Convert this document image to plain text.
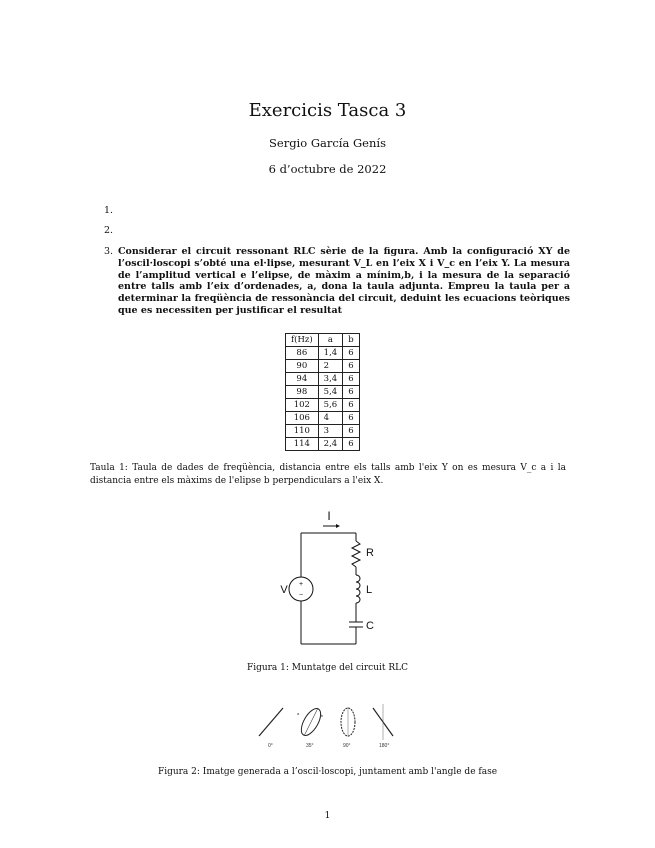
Exercicis Tasca 3
Sergio García Genís
6 d’octubre de 2022
1.
2.
3. Considerar el circuit ressonant RLC sèrie de la figura. Amb la configuració XY de l’oscil·loscopi s’obté una el·lipse, mesurant V_L en l’eix X i V_c en l’eix Y. La mesura de l’amplitud vertical e l’elipse, de màxim a mínim,b, i la mesura de la separació entre talls amb l’eix d’ordenades, a, dona la taula adjunta. Empreu la taula per a determinar la freqüència de ressonància del circuit, deduint les ecuacions teòriques que es necessiten per justificar el resultat
f(Hz)	a	b
86	1,4	6
90	2	6
94	3,4	6
98	5,4	6
102	5,6	6
106	4	6
110	3	6
114	2,4	6
Taula 1: Taula de dades de freqüència, distancia entre els talls amb l'eix Y on es mesura V_c a i la distancia entre els màxims de l'elipse b perpendiculars a l'eix X.
I
+
−
V
R
L
C
Figura 1: Muntatge del circuit RLC
0°
a	b
35°	90°	180°
Figura 2: Imatge generada a l’oscil·loscopi, juntament amb l'angle de fase
1
